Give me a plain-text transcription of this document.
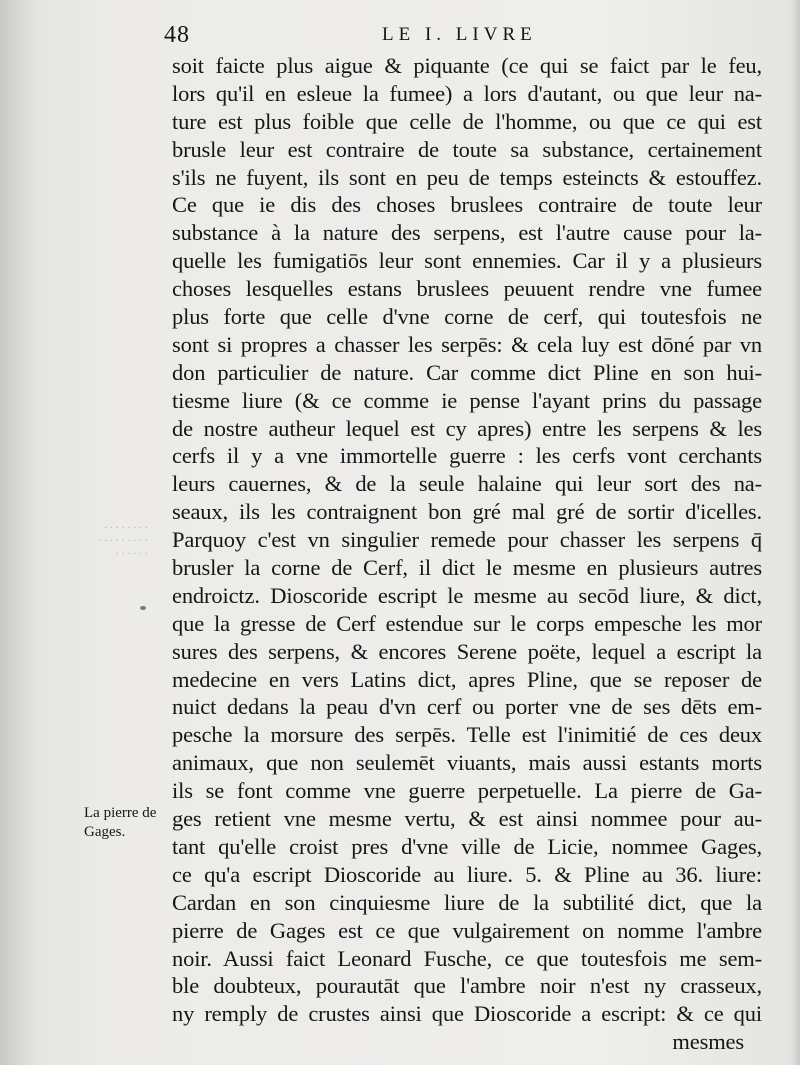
48	LE I. LIVRE
· · · · · · · ·
· · · · · · · · ·
· · · · · ·
La pierre de
Gages.
soit faicte plus aigue & piquante (ce qui se faict par le feu,
lors qu'il en esleue la fumee) a lors d'autant, ou que leur na-
ture est plus foible que celle de l'homme, ou que ce qui est
brusle leur est contraire de toute sa substance, certainement
s'ils ne fuyent, ils sont en peu de temps esteincts & estouffez.
Ce que ie dis des choses bruslees contraire de toute leur
substance à la nature des serpens, est l'autre cause pour la-
quelle les fumigatiōs leur sont ennemies. Car il y a plusieurs
choses lesquelles estans bruslees peuuent rendre vne fumee
plus forte que celle d'vne corne de cerf, qui toutesfois ne
sont si propres a chasser les serpēs: & cela luy est dōné par vn
don particulier de nature. Car comme dict Pline en son hui-
tiesme liure (& ce comme ie pense l'ayant prins du passage
de nostre autheur lequel est cy apres) entre les serpens & les
cerfs il y a vne immortelle guerre : les cerfs vont cerchants
leurs cauernes, & de la seule halaine qui leur sort des na-
seaux, ils les contraignent bon gré mal gré de sortir d'icelles.
Parquoy c'est vn singulier remede pour chasser les serpens q̄
brusler la corne de Cerf, il dict le mesme en plusieurs autres
endroictz. Dioscoride escript le mesme au secōd liure, & dict,
que la gresse de Cerf estendue sur le corps empesche les mor
sures des serpens, & encores Serene poëte, lequel a escript la
medecine en vers Latins dict, apres Pline, que se reposer de
nuict dedans la peau d'vn cerf ou porter vne de ses dēts em-
pesche la morsure des serpēs. Telle est l'inimitié de ces deux
animaux, que non seulemēt viuants, mais aussi estants morts
ils se font comme vne guerre perpetuelle. La pierre de Ga-
ges retient vne mesme vertu, & est ainsi nommee pour au-
tant qu'elle croist pres d'vne ville de Licie, nommee Gages,
ce qu'a escript Dioscoride au liure. 5. & Pline au 36. liure:
Cardan en son cinquiesme liure de la subtilité dict, que la
pierre de Gages est ce que vulgairement on nomme l'ambre
noir. Aussi faict Leonard Fusche, ce que toutesfois me sem-
ble doubteux, pourautāt que l'ambre noir n'est ny crasseux,
ny remply de crustes ainsi que Dioscoride a escript: & ce qui
mesmes
